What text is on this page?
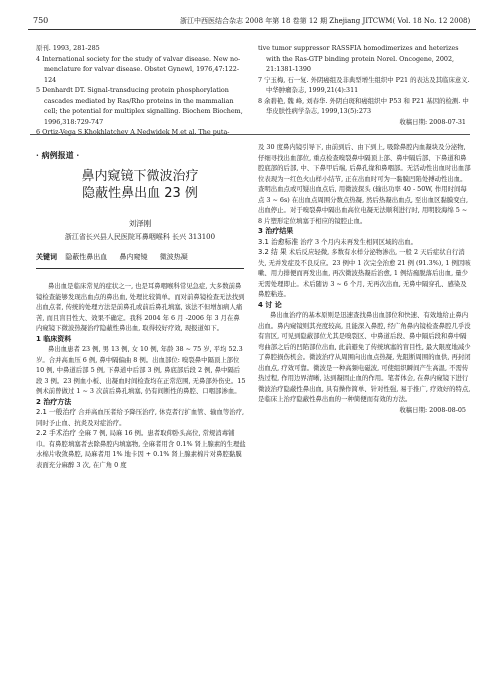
750	浙江中西医结合杂志 2008 年第 18 卷第 12 期 Zhejiang JITCWM( Vol. 18 No. 12 2008)

原刊. 1993, 281-285

4 International society for the study of valvar disease. New no-menclature for valvar disease. Obstet Gynewl, 1976,47:122-124

5 Denhardt DT. Signal-transducing protein phosphorylation cascades mediated by Ras/Rho proteins in the mammalian cell; the potential for multiplex signalling. Biochem Biochem, 1996,318:729-747

6 Ortiz-Vega S,Khokhlatchev A,Nedwidek M,et al. The puta-

tive tumor suppressor RASSFIA homodimerizes and heterizes with the Ras-GTP binding protein Norel. Oncogene, 2002, 21:1381-1390

7 宁玉梅, 石一复. 外阴癌组及非典型增生组织中 P21 的表达及其临床意义. 中华肿瘤杂志, 1999,21(4):311

8 余碧艳, 魏 峰, 刘春华. 外阴白斑和癌组织中 P53 和 P21 基因的检测. 中华皮肤性病学杂志, 1999,13(5):273

收稿日期: 2008-07-31

· 病例报道 ·

鼻内窥镜下微波治疗

隐蔽性鼻出血 23 例

刘泽刚
浙江省长兴县人民医院耳鼻咽喉科 长兴 313100
关键词 隐蔽性鼻出血 鼻内窥镜 微波热凝

鼻出血是临床常见的症状之一, 也是耳鼻咽喉科常见急症, 大多数前鼻镜检查能够发现出血点的鼻出血, 处理比较简单。而对前鼻镜检查无法找到出血点者, 传统的处理方法是前鼻孔或前后鼻孔填塞, 该法不但增加病人痛苦, 而且盲目性大、效果不确定。我科 2004 年 6 月 -2006 年 3 月在鼻内窥镜下微波热凝治疗隐蔽性鼻出血, 取得较好疗效, 现报道如下。

1 临床资料

鼻出血患者 23 例, 男 13 例, 女 10 例, 年龄 38 ~ 75 岁, 平均 52.3 岁。合并高血压 6 例, 鼻中隔偏曲 8 例。出血部位: 嗅裂鼻中隔顶上部位 10 例, 中鼻道后部 5 例, 下鼻道中后部 3 例, 鼻底部后段 2 例, 鼻中隔后段 3 例。23 例血小板、出凝血时间检查均在正常范围, 无鼻部外伤史。15 例术前曾做过 1 ~ 3 次前后鼻孔填塞, 仍有间断性的鼻腔、口咽部渗血。

2 治疗方法

2.1 一般治疗 合并高血压者给予降压治疗, 休克者行扩血管、输血等治疗, 同时予止血、抗炎及对症治疗。

2.2 手术治疗 全麻 7 例, 局麻 16 例。患者取仰卧头高位, 常规消毒铺巾。有鼻腔填塞者去除鼻腔内填塞物, 全麻者用含 0.1% 肾上腺素的生理盐水棉片收敛鼻腔, 局麻者用 1% 地卡因 + 0.1% 肾上腺素棉片对鼻腔黏膜表面充分麻醉 3 次, 在广角 0 度

及 30 度鼻内镜引导下, 由前到后、由下到上, 吸除鼻腔内血凝块及分泌物, 仔细寻找出血部位, 重点检查嗅裂鼻中隔顶上部、鼻中隔后部、下鼻道和鼻腔底部的后部, 中、下鼻甲后端, 后鼻孔缘和鼻咽部。无活动性出血时出血部位表现为一红色火山样小结节, 正在出血时可为一黏膜凹陷处搏动性出血。查明出血点或可疑出血点后, 用微波探头 (输出功率 40 - 50W, 作用时间每点 3 ~ 6s) 在出血点周围分数点热凝, 然后热凝出血点, 至出血区黏膜变白, 出血停止。对于嗅裂鼻中隔出血高位电凝无法顺利进行时, 用明胶海绵 5 ~ 8 片塑形定位填塞于相应的镜腔止血。

3 治疗结果

3.1 治愈标准 治疗 3 个月内未再发生相同区域的出血。

3.2 结 果 术后反应轻微, 多数有水样分泌物渗出, 一般 2 天后症状自行消失, 无并发症及不良反应。23 例中 1 次完全治愈 21 例 (91.3%), 1 例因咳嗽、用力排便而再发出血, 再次微波热凝后治愈, 1 例结痂脱落后出血, 量少无需处理即止。术后随访 3 ~ 6 个月, 无再次出血, 无鼻中隔穿孔、感染及鼻腔粘连。

4 讨 论

鼻出血治疗的基本原则是迅速查找鼻出血部位和快速、有效地给止鼻内出血。鼻内窥镜则其亮度较高, 且能深入鼻腔, 经广角鼻内镜检查鼻腔几乎没有盲区, 可见到隐蔽部位尤其是嗅裂区、中鼻道后段、鼻中隔后段和鼻中隔弯曲部之后的凹陷部位出血, 此前避免了传统填塞的盲目性, 最大限度地减少了鼻腔损伤机会。微波治疗从周围向出血点热凝, 先阻断周围的血供, 再封闭出血点, 疗效可靠。微波是一种高频电磁波, 可使组织瞬间产生高温, 不需传热过程, 作用边界清晰, 达到凝固止血的作用。笔者体会, 在鼻内窥镜下进行微波治疗隐蔽性鼻出血, 具有操作简单、针对性强, 易于推广, 疗效好的特点, 是临床上治疗隐蔽性鼻出血的一种简便而有效的方法。

收稿日期: 2008-08-05
